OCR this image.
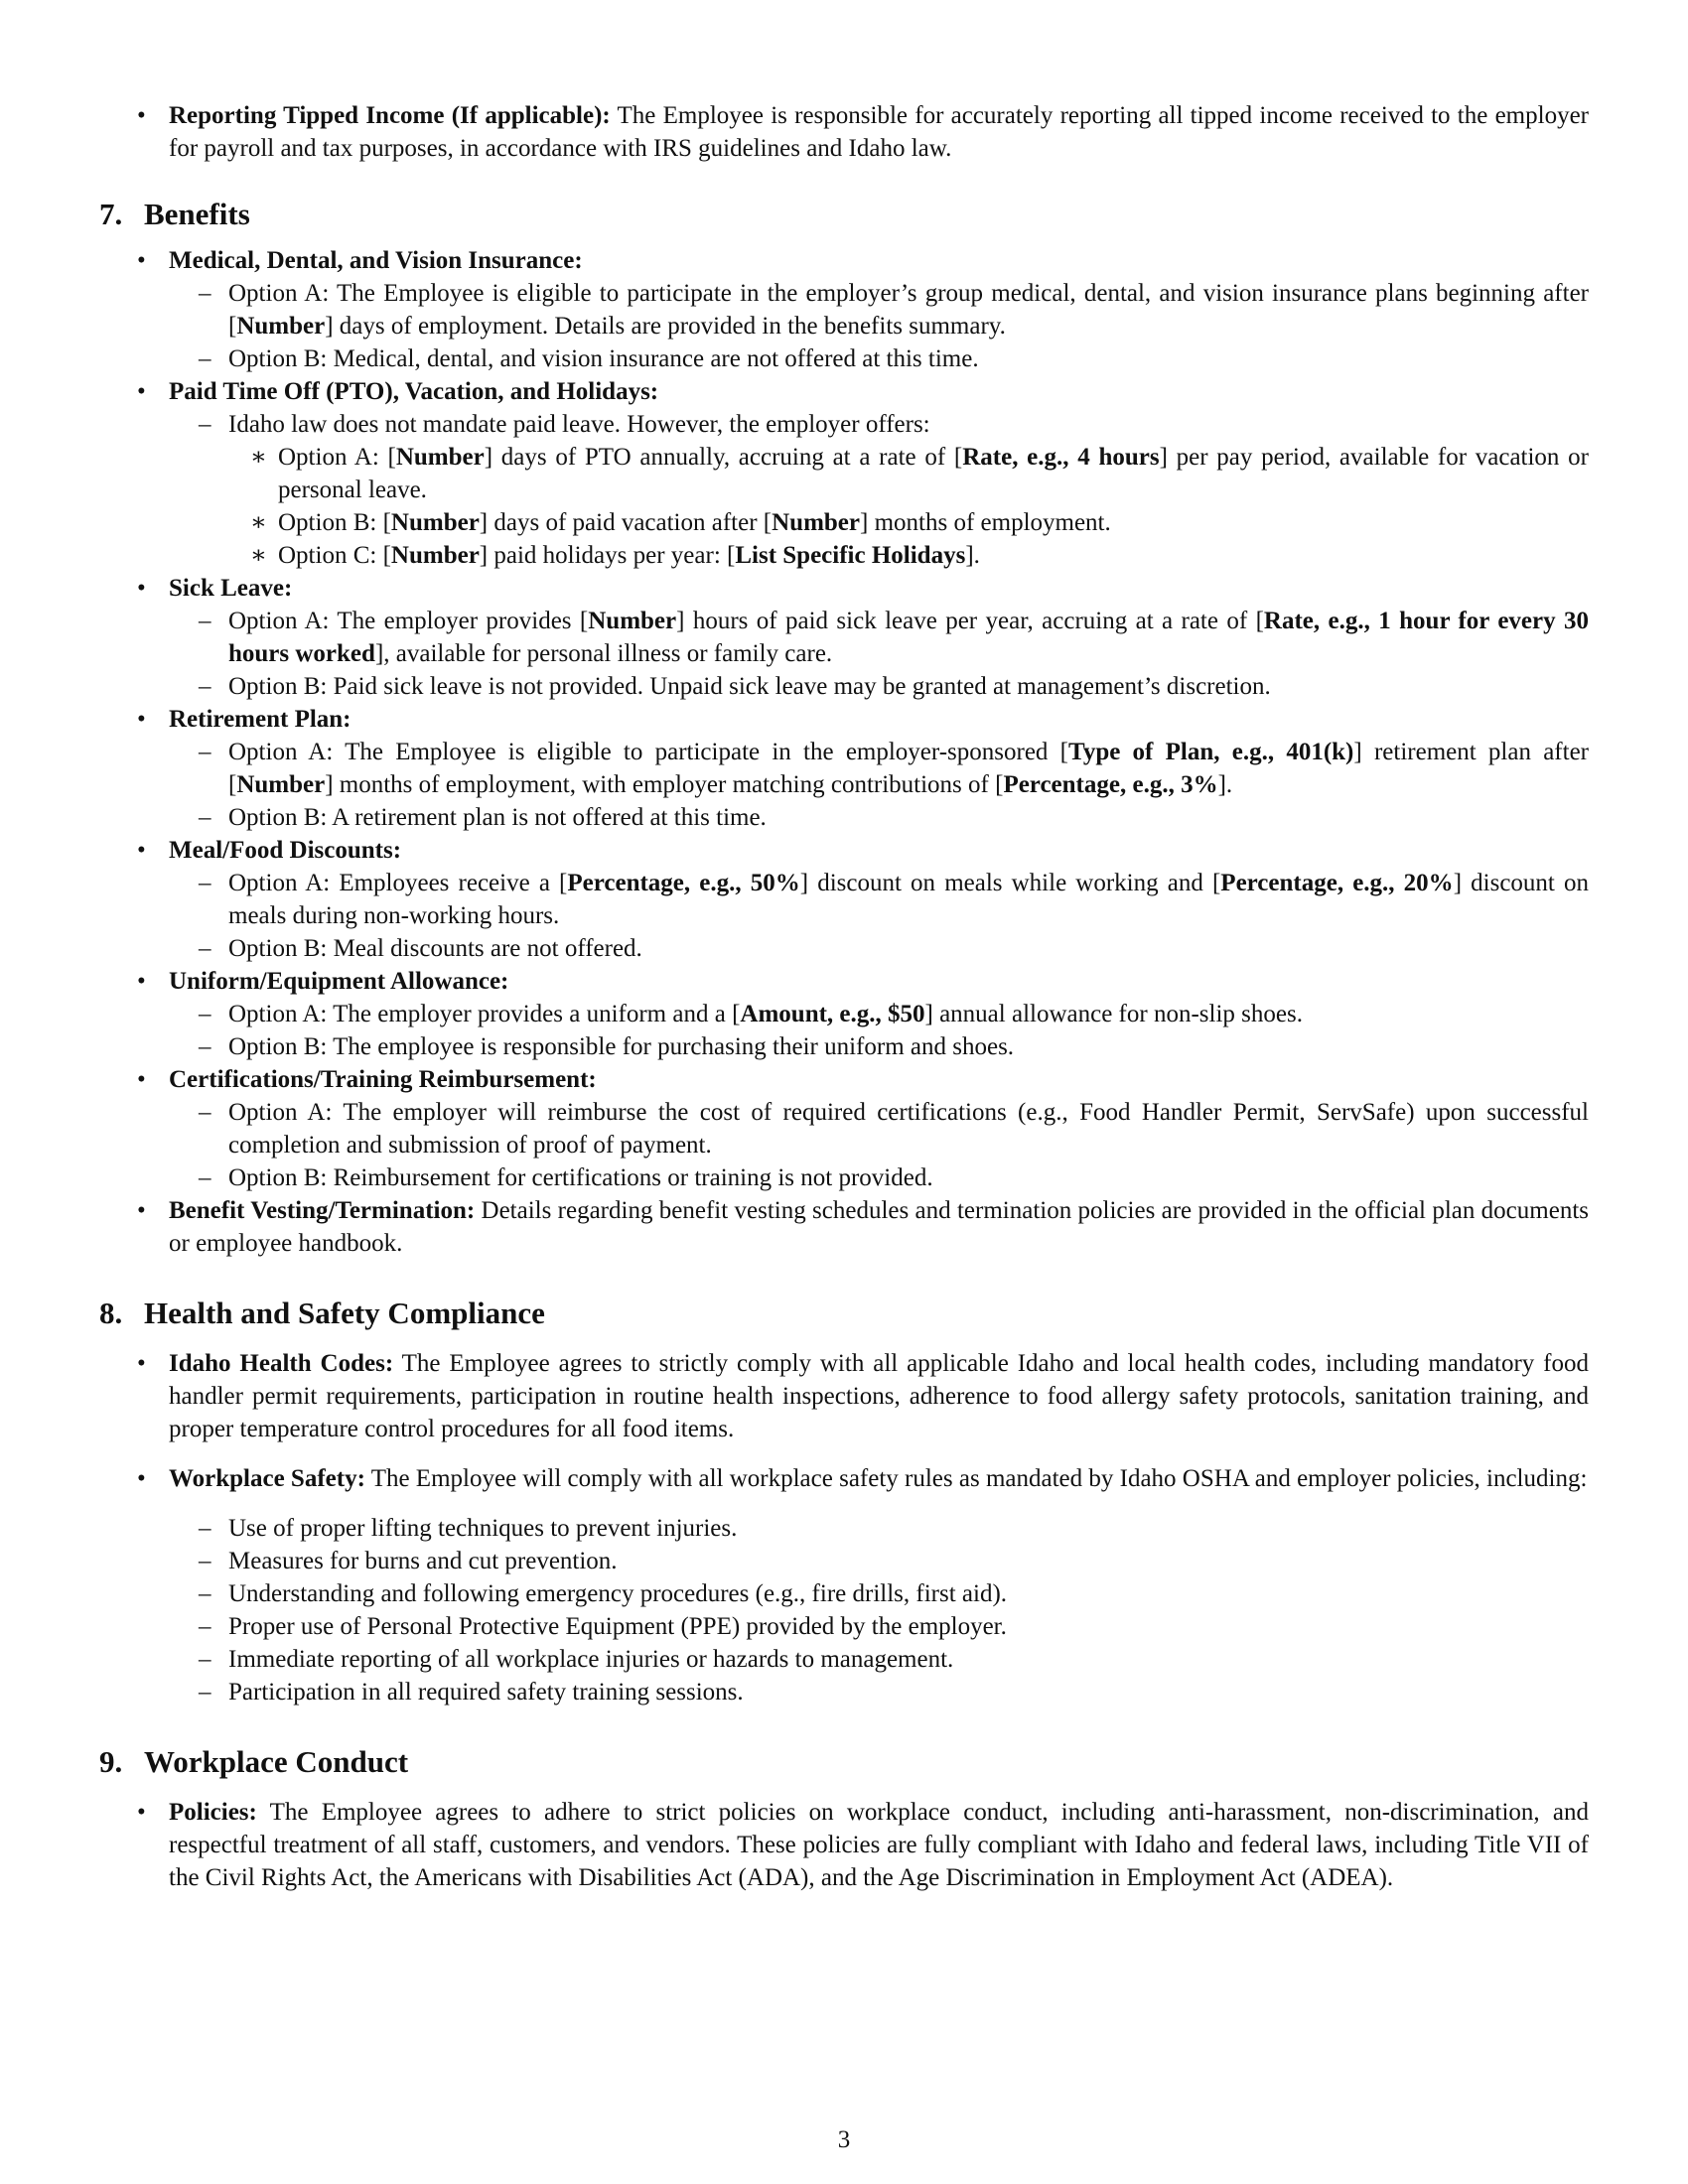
• Reporting Tipped Income (If applicable): The Employee is responsible for accurately reporting all tipped income received to the employer for payroll and tax purposes, in accordance with IRS guidelines and Idaho law.
7. Benefits
• Medical, Dental, and Vision Insurance:
– Option A: The Employee is eligible to participate in the employer’s group medical, dental, and vision insurance plans beginning after [Number] days of employment. Details are provided in the benefits summary.
– Option B: Medical, dental, and vision insurance are not offered at this time.
• Paid Time Off (PTO), Vacation, and Holidays:
– Idaho law does not mandate paid leave. However, the employer offers:
∗ Option A: [Number] days of PTO annually, accruing at a rate of [Rate, e.g., 4 hours] per pay period, available for vacation or personal leave.
∗ Option B: [Number] days of paid vacation after [Number] months of employment.
∗ Option C: [Number] paid holidays per year: [List Specific Holidays].
• Sick Leave:
– Option A: The employer provides [Number] hours of paid sick leave per year, accruing at a rate of [Rate, e.g., 1 hour for every 30 hours worked], available for personal illness or family care.
– Option B: Paid sick leave is not provided. Unpaid sick leave may be granted at management’s discretion.
• Retirement Plan:
– Option A: The Employee is eligible to participate in the employer-sponsored [Type of Plan, e.g., 401(k)] retirement plan after [Number] months of employment, with employer matching contributions of [Percentage, e.g., 3%].
– Option B: A retirement plan is not offered at this time.
• Meal/Food Discounts:
– Option A: Employees receive a [Percentage, e.g., 50%] discount on meals while working and [Percentage, e.g., 20%] discount on meals during non-working hours.
– Option B: Meal discounts are not offered.
• Uniform/Equipment Allowance:
– Option A: The employer provides a uniform and a [Amount, e.g., $50] annual allowance for non-slip shoes.
– Option B: The employee is responsible for purchasing their uniform and shoes.
• Certifications/Training Reimbursement:
– Option A: The employer will reimburse the cost of required certifications (e.g., Food Handler Permit, ServSafe) upon successful completion and submission of proof of payment.
– Option B: Reimbursement for certifications or training is not provided.
• Benefit Vesting/Termination: Details regarding benefit vesting schedules and termination policies are provided in the official plan documents or employee handbook.
8. Health and Safety Compliance
• Idaho Health Codes: The Employee agrees to strictly comply with all applicable Idaho and local health codes, including mandatory food handler permit requirements, participation in routine health inspections, adherence to food allergy safety protocols, sanitation training, and proper temperature control procedures for all food items.
• Workplace Safety: The Employee will comply with all workplace safety rules as mandated by Idaho OSHA and employer policies, including:
– Use of proper lifting techniques to prevent injuries.
– Measures for burns and cut prevention.
– Understanding and following emergency procedures (e.g., fire drills, first aid).
– Proper use of Personal Protective Equipment (PPE) provided by the employer.
– Immediate reporting of all workplace injuries or hazards to management.
– Participation in all required safety training sessions.
9. Workplace Conduct
• Policies: The Employee agrees to adhere to strict policies on workplace conduct, including anti-harassment, non-discrimination, and respectful treatment of all staff, customers, and vendors. These policies are fully compliant with Idaho and federal laws, including Title VII of the Civil Rights Act, the Americans with Disabilities Act (ADA), and the Age Discrimination in Employment Act (ADEA).
3
